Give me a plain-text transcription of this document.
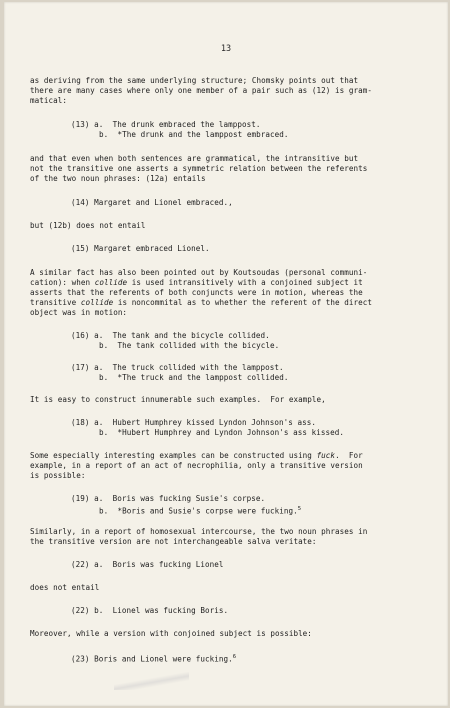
13
as deriving from the same underlying structure; Chomsky points out that
there are many cases where only one member of a pair such as (12) is gram-
matical:
(13) a.  The drunk embraced the lamppost.
b.  *The drunk and the lamppost embraced.
and that even when both sentences are grammatical, the intransitive but
not the transitive one asserts a symmetric relation between the referents
of the two noun phrases: (12a) entails
(14) Margaret and Lionel embraced.,
but (12b) does not entail
(15) Margaret embraced Lionel.
A similar fact has also been pointed out by Koutsoudas (personal communi-
cation): when collide is used intransitively with a conjoined subject it
asserts that the referents of both conjuncts were in motion, whereas the
transitive collide is noncommital as to whether the referent of the direct
object was in motion:
(16) a.  The tank and the bicycle collided.
b.  The tank collided with the bicycle.
(17) a.  The truck collided with the lamppost.
b.  *The truck and the lamppost collided.
It is easy to construct innumerable such examples.  For example,
(18) a.  Hubert Humphrey kissed Lyndon Johnson's ass.
b.  *Hubert Humphrey and Lyndon Johnson's ass kissed.
Some especially interesting examples can be constructed using fuck.  For
example, in a report of an act of necrophilia, only a transitive version
is possible:
(19) a.  Boris was fucking Susie's corpse.
b.  *Boris and Susie's corpse were fucking.$^5$
Similarly, in a report of homosexual intercourse, the two noun phrases in
the transitive version are not interchangeable salva veritate:
(22) a.  Boris was fucking Lionel
does not entail
(22) b.  Lionel was fucking Boris.
Moreover, while a version with conjoined subject is possible:
(23) Boris and Lionel were fucking.$^6$
